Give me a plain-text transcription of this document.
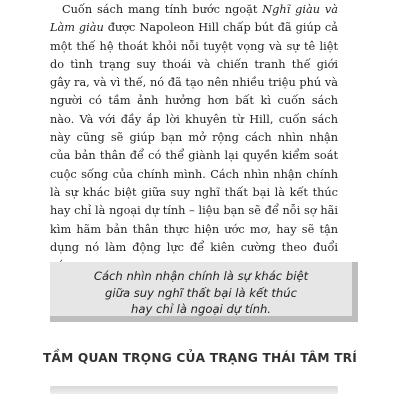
Cuốn sách mang tính bước ngoặt Nghĩ giàu và Làm giàu được Napoleon Hill chấp bút đã giúp cả một thế hệ thoát khỏi nỗi tuyệt vọng và sự tê liệt do tình trạng suy thoái và chiến tranh thế giới gây ra, và vì thế, nó đã tạo nên nhiều triệu phú và người có tầm ảnh hưởng hơn bất kì cuốn sách nào. Và với đầy ắp lời khuyên từ Hill, cuốn sách này cũng sẽ giúp bạn mở rộng cách nhìn nhận của bản thân để có thể giành lại quyền kiểm soát cuộc sống của chính mình. Cách nhìn nhận chính là sự khác biệt giữa suy nghĩ thất bại là kết thúc hay chỉ là ngoại dự tính – liệu bạn sẽ để nỗi sợ hãi kìm hãm bản thân thực hiện ước mơ, hay sẽ tận dụng nó làm động lực để kiên cường theo đuổi

Cách nhìn nhận chính là sự khác biệt
giữa suy nghĩ thất bại là kết thúc
hay chỉ là ngoại dự tính.

TẦM QUAN TRỌNG CỦA TRẠNG THÁI TÂM TRÍ
